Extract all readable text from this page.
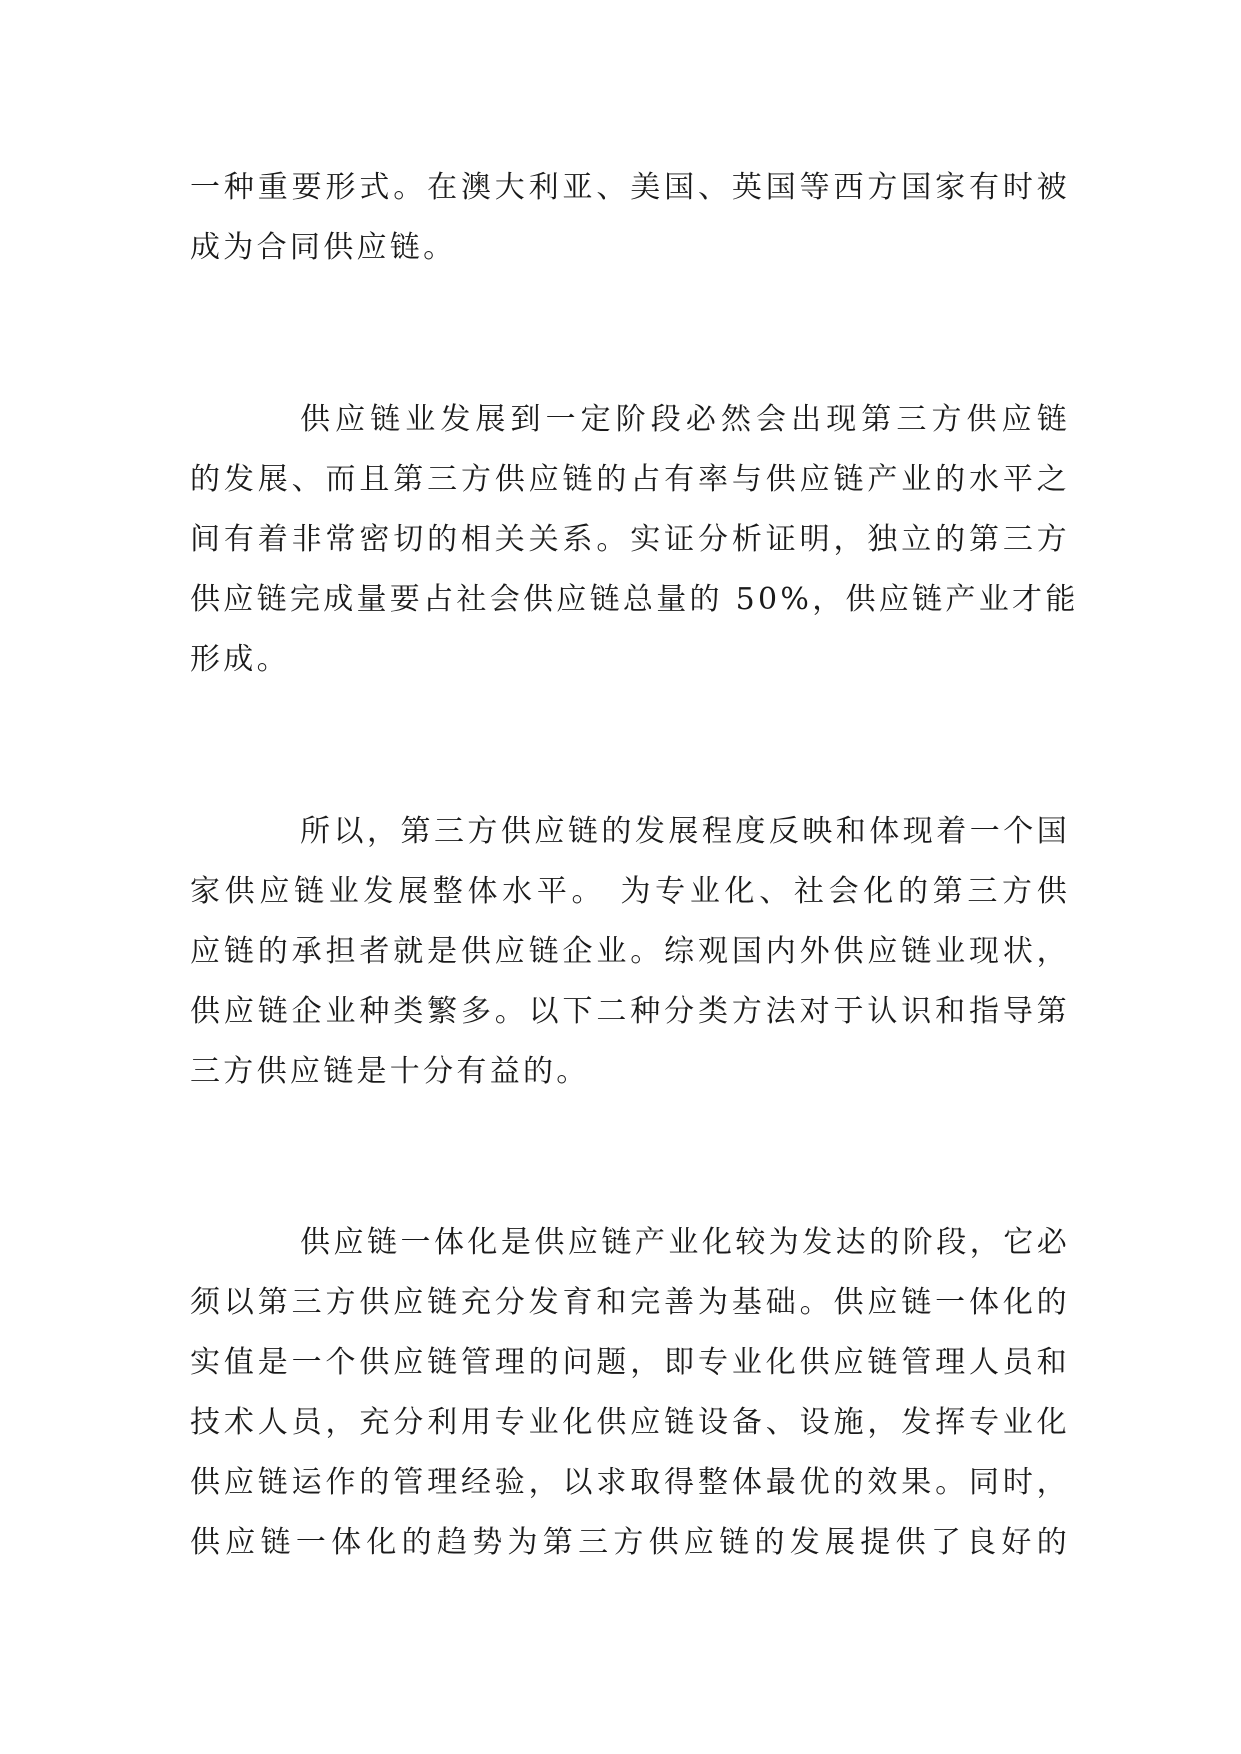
一种重要形式。在澳大利亚、美国、英国等西方国家有时被
成为合同供应链。
供应链业发展到一定阶段必然会出现第三方供应链
的发展、而且第三方供应链的占有率与供应链产业的水平之
间有着非常密切的相关关系。实证分析证明，独立的第三方
供应链完成量要占社会供应链总量的 50%，供应链产业才能
形成。
所以，第三方供应链的发展程度反映和体现着一个国
家供应链业发展整体水平。 为专业化、社会化的第三方供
应链的承担者就是供应链企业。综观国内外供应链业现状，
供应链企业种类繁多。以下二种分类方法对于认识和指导第
三方供应链是十分有益的。
供应链一体化是供应链产业化较为发达的阶段，它必
须以第三方供应链充分发育和完善为基础。供应链一体化的
实值是一个供应链管理的问题，即专业化供应链管理人员和
技术人员，充分利用专业化供应链设备、设施，发挥专业化
供应链运作的管理经验，以求取得整体最优的效果。同时，
供应链一体化的趋势为第三方供应链的发展提供了良好的
